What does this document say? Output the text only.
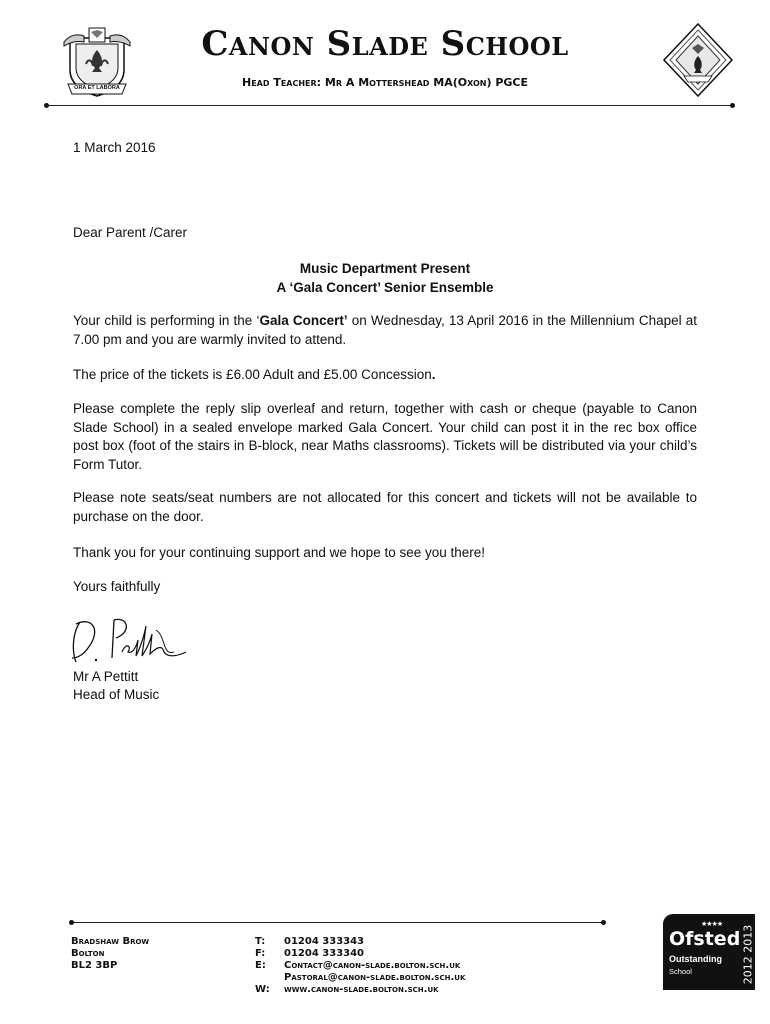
ORA ET LABORA
Canon Slade School
Head Teacher: Mr A Mottershead MA(Oxon) PGCE
1 March 2016
Dear Parent /Carer
Music Department Present
A ‘Gala Concert’ Senior Ensemble

Your child is performing in the ‘Gala Concert’ on Wednesday, 13 April 2016 in the Millennium Chapel at 7.00 pm and you are warmly invited to attend.

The price of the tickets is £6.00 Adult and £5.00 Concession.

Please complete the reply slip overleaf and return, together with cash or cheque (payable to Canon Slade School) in a sealed envelope marked Gala Concert. Your child can post it in the rec box office post box (foot of the stairs in B-block, near Maths classrooms). Tickets will be distributed via your child’s Form Tutor.

Please note seats/seat numbers are not allocated for this concert and tickets will not be available to purchase on the door.

Thank you for your continuing support and we hope to see you there!
Yours faithfully
Mr A Pettitt
Head of Music
Bradshaw Brow
Bolton
BL2 3BP
T:
F:
E:
W:
01204 333343
01204 333340
Contact@canon-slade.bolton.sch.uk
Pastoral@canon-slade.bolton.sch.uk
www.canon-slade.bolton.sch.uk
★★★★
Ofsted
Outstanding
School	2012 2013
